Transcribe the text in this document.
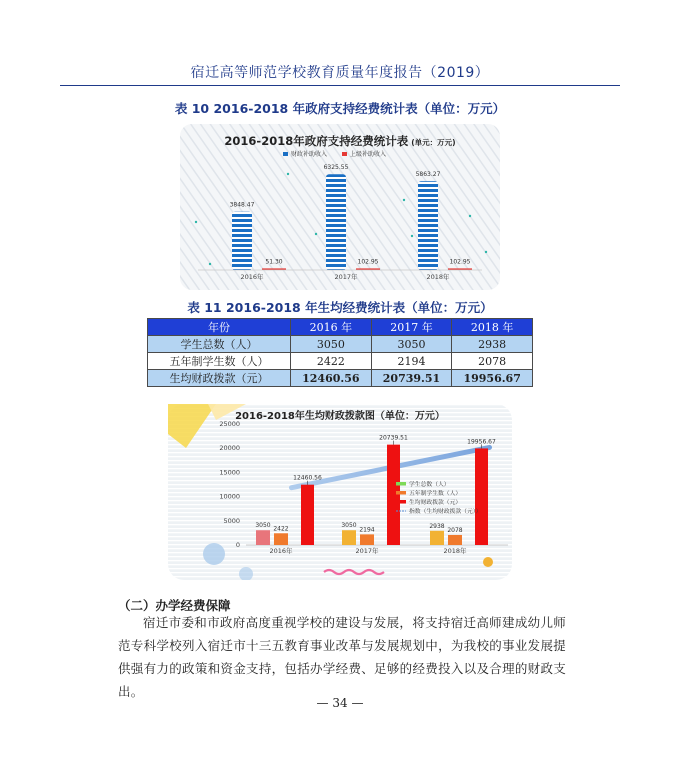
宿迁高等师范学校教育质量年度报告（2019）
表 10 2016-2018 年政府支持经费统计表（单位：万元）
2016-2018年政府支持经费统计表 (单元：万元)
财政补助收入	上级补助收入
3848.47
51.30
2016年
6325.55
102.95
2017年
5863.27
102.95
2018年
表 11 2016-2018 年生均经费统计表（单位：万元）
年份	2016 年	2017 年	2018 年
学生总数（人）	3050	3050	2938
五年制学生数（人）	2422	2194	2078
生均财政拨款（元）	12460.56	20739.51	19956.67
2016-2018年生均财政拨款图（单位：万元）
0
5000
10000
15000
20000
25000
3050 2422
12460.56
2016年
3050
2194
20739.51
2017年
2938
2078
19956.67
2018年
学生总数（人）
五年制学生数（人）
生均财政拨款（元）
指数（生均财政拨款（元））
（二）办学经费保障
宿迁市委和市政府高度重视学校的建设与发展，将支持宿迁高师建成幼儿师范专科学校列入宿迁市十三五教育事业改革与发展规划中，为我校的事业发展提供强有力的政策和资金支持，包括办学经费、足够的经费投入以及合理的财政支出。
— 34 —
